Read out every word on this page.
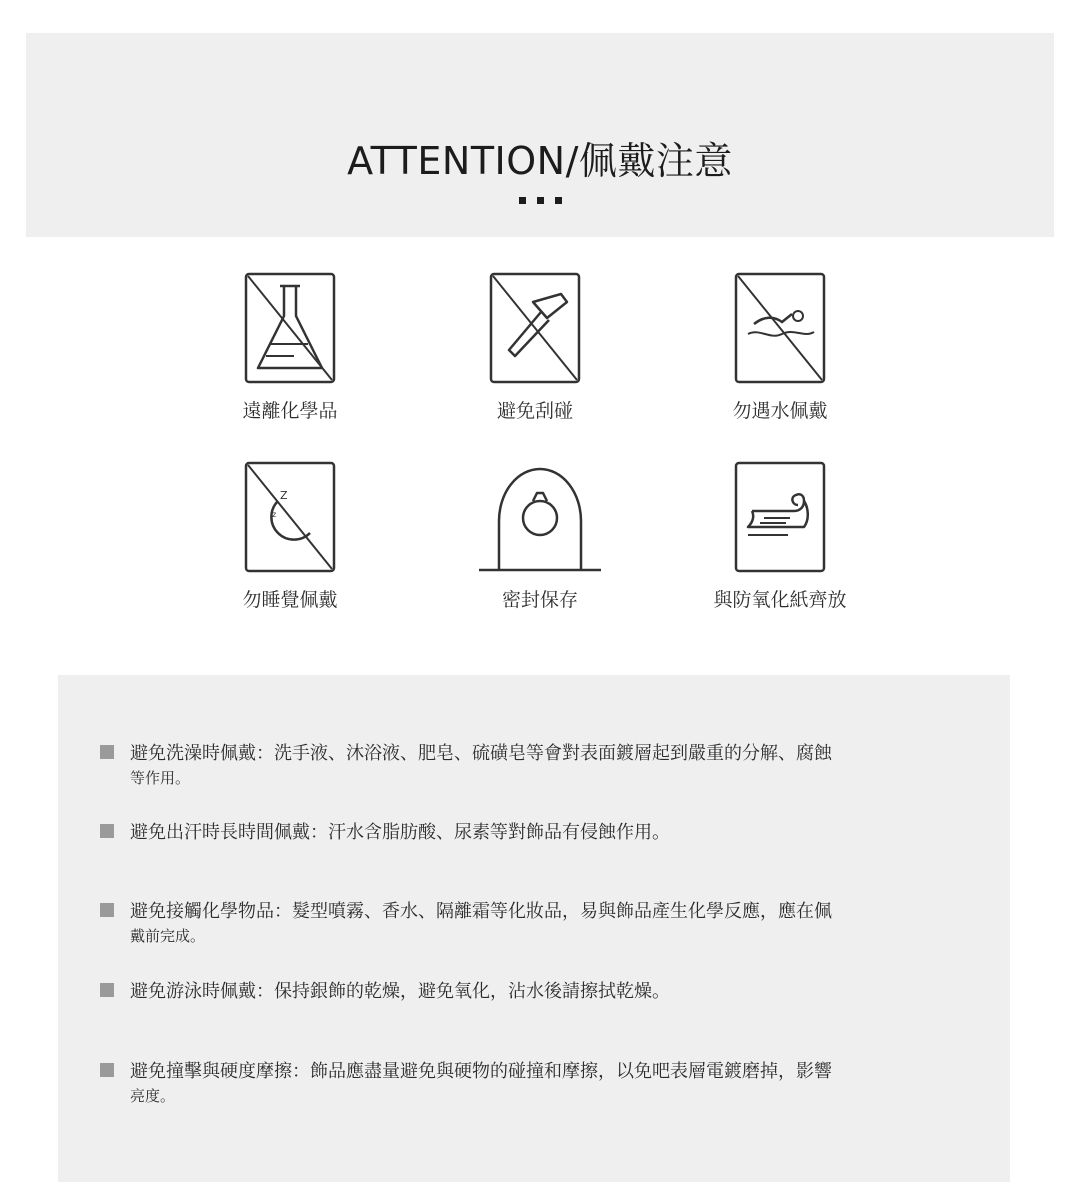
ATTENTION/佩戴注意
遠離化學品	避免刮碰	勿遇水佩戴
Z
z
勿睡覺佩戴	密封保存	與防氧化紙齊放
避免洗澡時佩戴：洗手液、沐浴液、肥皂、硫磺皂等會對表面鍍層起到嚴重的分解、腐蝕
等作用。
避免出汗時長時間佩戴：汗水含脂肪酸、尿素等對飾品有侵蝕作用。
避免接觸化學物品：髮型噴霧、香水、隔離霜等化妝品，易與飾品產生化學反應，應在佩
戴前完成。
避免游泳時佩戴：保持銀飾的乾燥，避免氧化，沾水後請擦拭乾燥。
避免撞擊與硬度摩擦：飾品應盡量避免與硬物的碰撞和摩擦，以免吧表層電鍍磨掉，影響
亮度。
